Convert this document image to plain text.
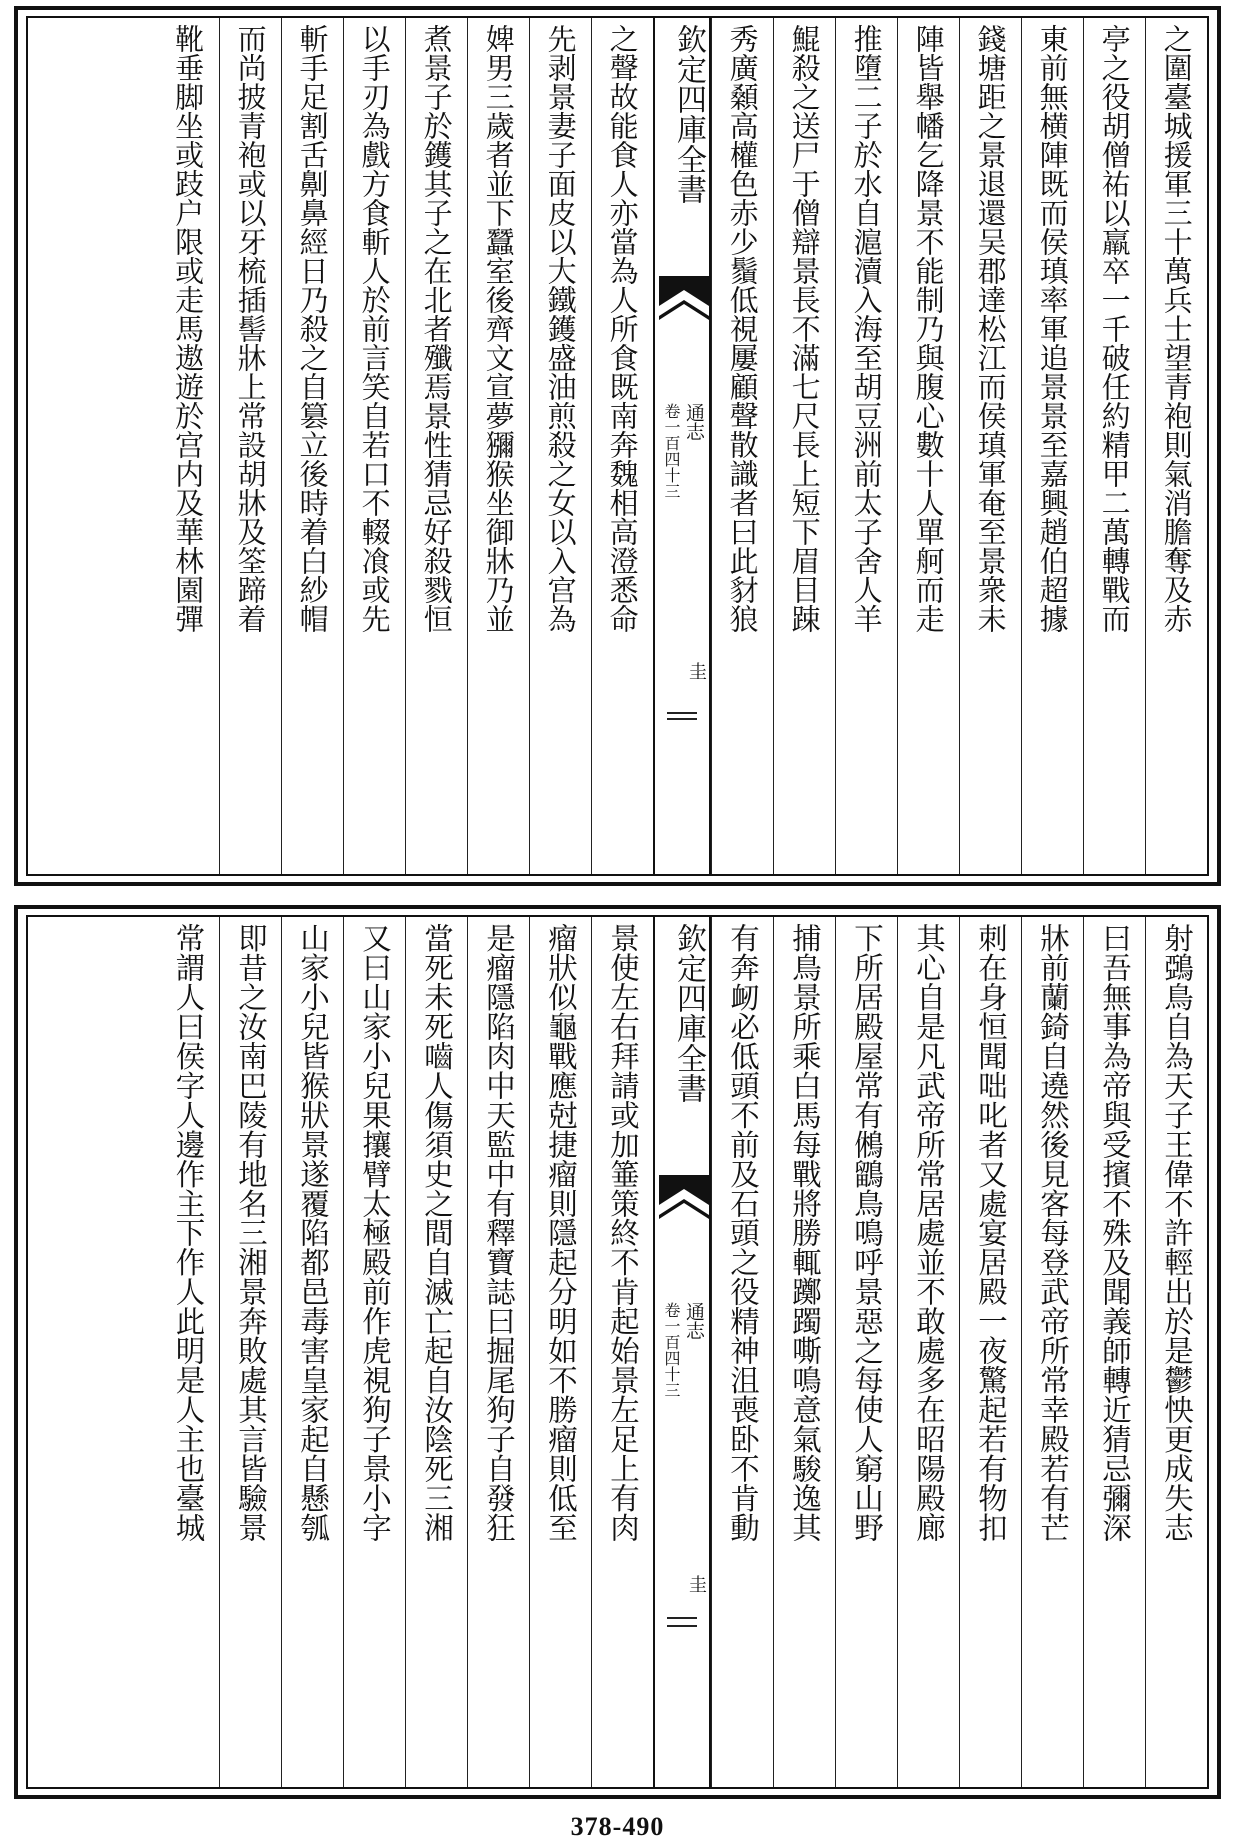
之圍臺城援軍三十萬兵士望青袍則氣消膽奪及赤
亭之役胡僧祐以羸卒一千破任約精甲二萬轉戰而
東前無横陣既而侯瑱率軍追景景至嘉興趙伯超據
錢塘距之景退還吴郡達松江而侯瑱軍奄至景衆未
陣皆舉幡乞降景不能制乃與腹心數十人單舸而走
推墮二子於水自滬瀆入海至胡豆洲前太子舍人羊
鯤殺之送尸于僧辯景長不滿七尺長上短下眉目踈
秀廣顙高權色赤少鬚低視屢顧聲散識者曰此豺狼
欽定四庫全書
通志
卷一百四十三
圭
之聲故能食人亦當為人所食既南奔魏相高澄悉命
先剥景妻子面皮以大鐵鑊盛油煎殺之女以入宫為
婢男三歲者並下蠶室後齊文宣夢獼猴坐御牀乃並
煮景子於鑊其子之在北者殲焉景性猜忌好殺戮恒
以手刃為戲方食斬人於前言笑自若口不輟飡或先
斬手足割舌劓鼻經日乃殺之自篡立後時着白紗帽
而尚披青袍或以牙梳插髻牀上常設胡牀及筌蹄着
靴垂脚坐或跂户限或走馬遨遊於宫内及華林園彈
射鵶鳥自為天子王偉不許輕出於是鬱怏更成失志
曰吾無事為帝與受擯不殊及聞義師轉近猜忌彌深
牀前蘭錡自遶然後見客每登武帝所常幸殿若有芒
刺在身恒聞咄叱者又處宴居殿一夜驚起若有物扣
其心自是凡武帝所常居處並不敢處多在昭陽殿廊
下所居殿屋常有鵂鶹鳥鳴呼景惡之每使人窮山野
捕鳥景所乘白馬每戰將勝輒躑躅嘶鳴意氣駿逸其
有奔衂必低頭不前及石頭之役精神沮喪卧不肯動
欽定四庫全書
通志
卷一百四十三
圭
景使左右拜請或加箠策終不肯起始景左足上有肉
瘤狀似龜戰應尅捷瘤則隱起分明如不勝瘤則低至
是瘤隱陷肉中天監中有釋寶誌曰掘尾狗子自發狂
當死未死嚙人傷須史之間自滅亡起自汝陰死三湘
又曰山家小兒果攘臂太極殿前作虎視狗子景小字
山家小兒皆猴狀景遂覆陷都邑毒害皇家起自懸瓠
即昔之汝南巴陵有地名三湘景奔敗處其言皆驗景
常謂人曰侯字人邊作主下作人此明是人主也臺城
378-490
